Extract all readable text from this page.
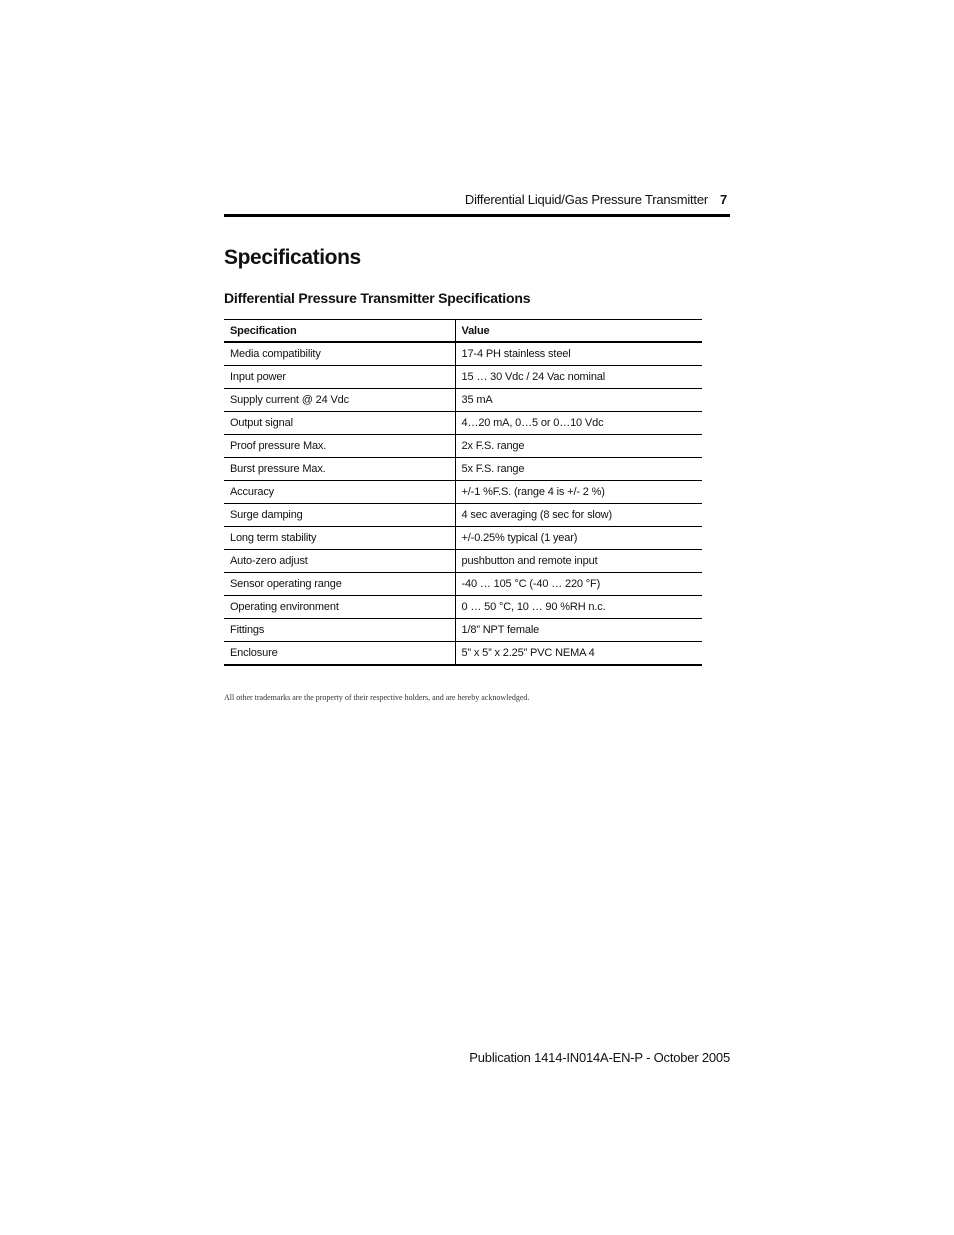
Differential Liquid/Gas Pressure Transmitter 7
Specifications
Differential Pressure Transmitter Specifications
Specification	Value
Media compatibility	17-4 PH stainless steel
Input power	15 … 30 Vdc / 24 Vac nominal
Supply current @ 24 Vdc	35 mA
Output signal	4…20 mA, 0…5 or 0…10 Vdc
Proof pressure Max.	2x F.S. range
Burst pressure Max.	5x F.S. range
Accuracy	+/-1 %F.S. (range 4 is +/- 2 %)
Surge damping	4 sec averaging (8 sec for slow)
Long term stability	+/-0.25% typical (1 year)
Auto-zero adjust	pushbutton and remote input
Sensor operating range	-40 … 105 °C (-40 … 220 °F)
Operating environment	0 … 50 °C, 10 … 90 %RH n.c.
Fittings	1/8” NPT female
Enclosure	5” x 5” x 2.25” PVC NEMA 4
All other trademarks are the property of their respective holders, and are hereby acknowledged.
Publication 1414-IN014A-EN-P - October 2005
